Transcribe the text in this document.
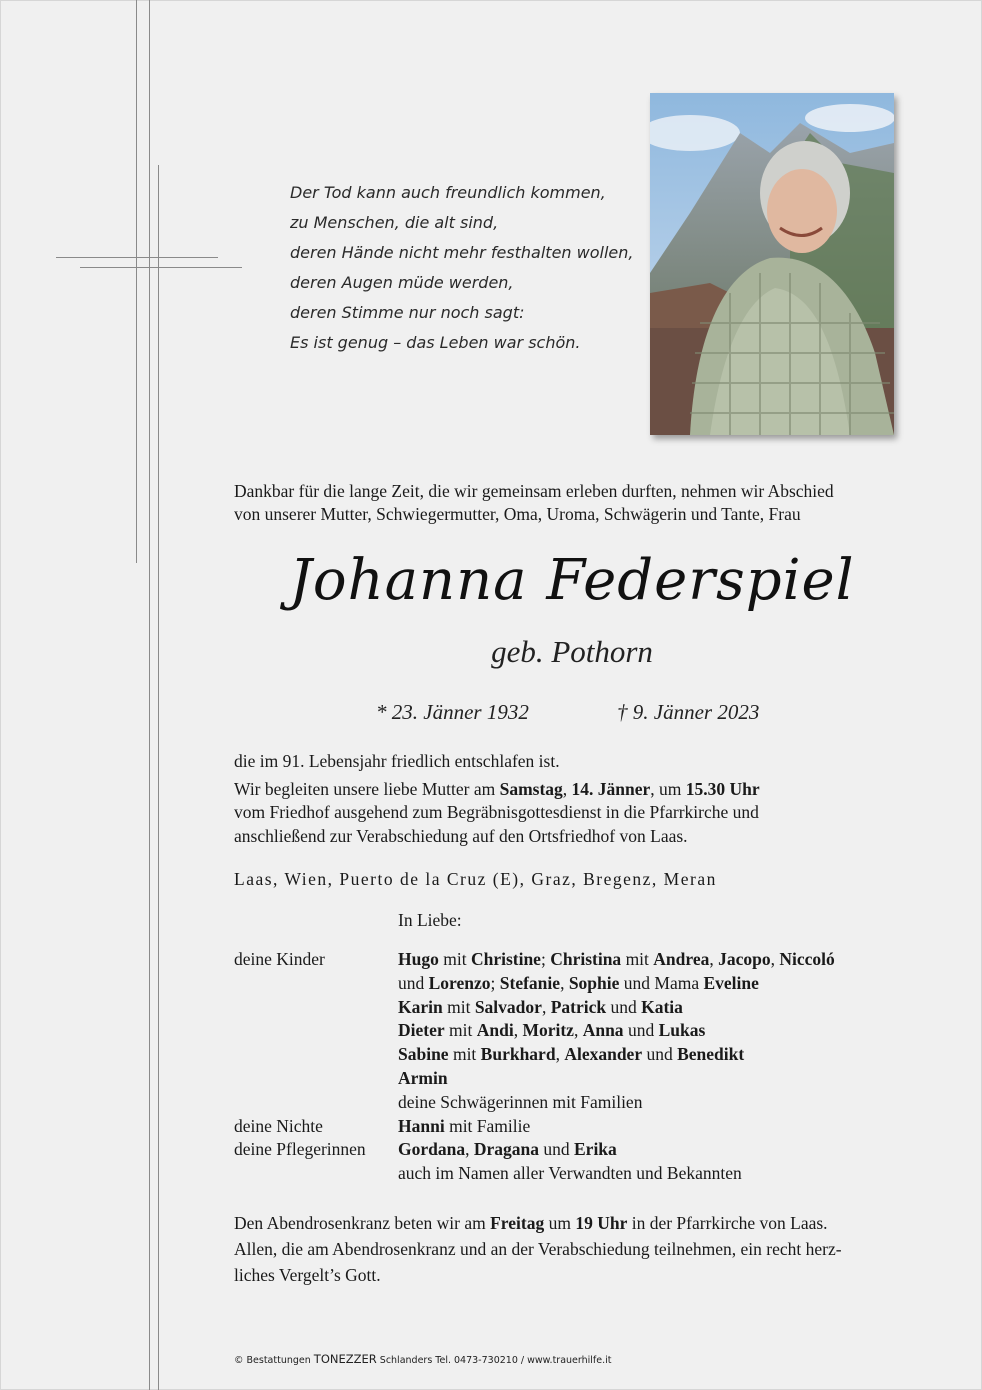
Der Tod kann auch freundlich kommen,
zu Menschen, die alt sind,
deren Hände nicht mehr festhalten wollen,
deren Augen müde werden,
deren Stimme nur noch sagt:
Es ist genug – das Leben war schön.
Dankbar für die lange Zeit, die wir gemeinsam erleben durften, nehmen wir Abschied
von unserer Mutter, Schwiegermutter, Oma, Uroma, Schwägerin und Tante, Frau
Johanna Federspiel
geb. Pothorn
* 23. Jänner 1932	† 9. Jänner 2023
die im 91. Lebensjahr friedlich entschlafen ist.
Wir begleiten unsere liebe Mutter am Samstag, 14. Jänner, um 15.30 Uhr
vom Friedhof ausgehend zum Begräbnisgottesdienst in die Pfarrkirche und
anschließend zur Verabschiedung auf den Ortsfriedhof von Laas.
Laas, Wien, Puerto de la Cruz (E), Graz, Bregenz, Meran
In Liebe:
deine Kinder	Hugo mit Christine; Christina mit Andrea, Jacopo, Niccoló
und Lorenzo; Stefanie, Sophie und Mama Eveline
Karin mit Salvador, Patrick und Katia
Dieter mit Andi, Moritz, Anna und Lukas
Sabine mit Burkhard, Alexander und Benedikt
Armin
deine Schwägerinnen mit Familien
deine Nichte	Hanni mit Familie
deine Pflegerinnen	Gordana, Dragana und Erika
auch im Namen aller Verwandten und Bekannten
Den Abendrosenkranz beten wir am Freitag um 19 Uhr in der Pfarrkirche von Laas.
Allen, die am Abendrosenkranz und an der Verabschiedung teilnehmen, ein recht herz-
liches Vergelt’s Gott.
© Bestattungen TONEZZER Schlanders Tel. 0473-730210 / www.trauerhilfe.it
